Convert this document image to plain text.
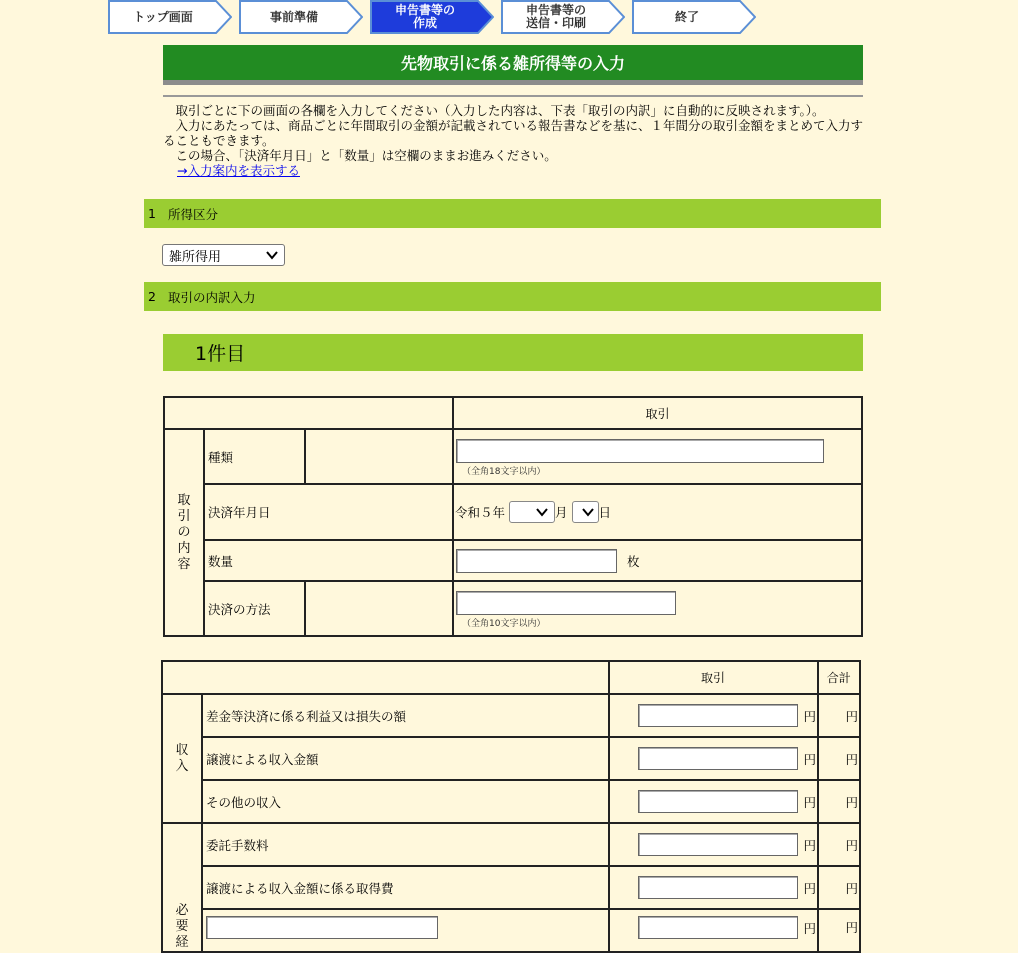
トップ画面	事前準備	申告書等の
作成
申告書等の
送信・印刷	終了
先物取引に係る雑所得等の入力

取引ごとに下の画面の各欄を入力してください（入力した内容は、下表「取引の内訳」に自動的に反映されます。）。

入力にあたっては、商品ごとに年間取引の金額が記載されている報告書などを基に、１年間分の取引金額をまとめて入力することもできます。

この場合、「決済年月日」と「数量」は空欄のままお進みください。

→入力案内を表示する
1 所得区分
雑所得用
2 取引の内訳入力
1件目
			取引
取
引
の
内
容	種類		（全角18文字以内）

	決済年月日		令和５年 月 日
	数量		枚
	決済の方法		（全角10文字以内）
		取引	合計
収
入	差金等決済に係る利益又は損失の額	円	円
	譲渡による収入金額	円	円
	その他の収入	円	円
必
要
経	委託手数料	円	円
	譲渡による収入金額に係る取得費	円	円
		円	円
